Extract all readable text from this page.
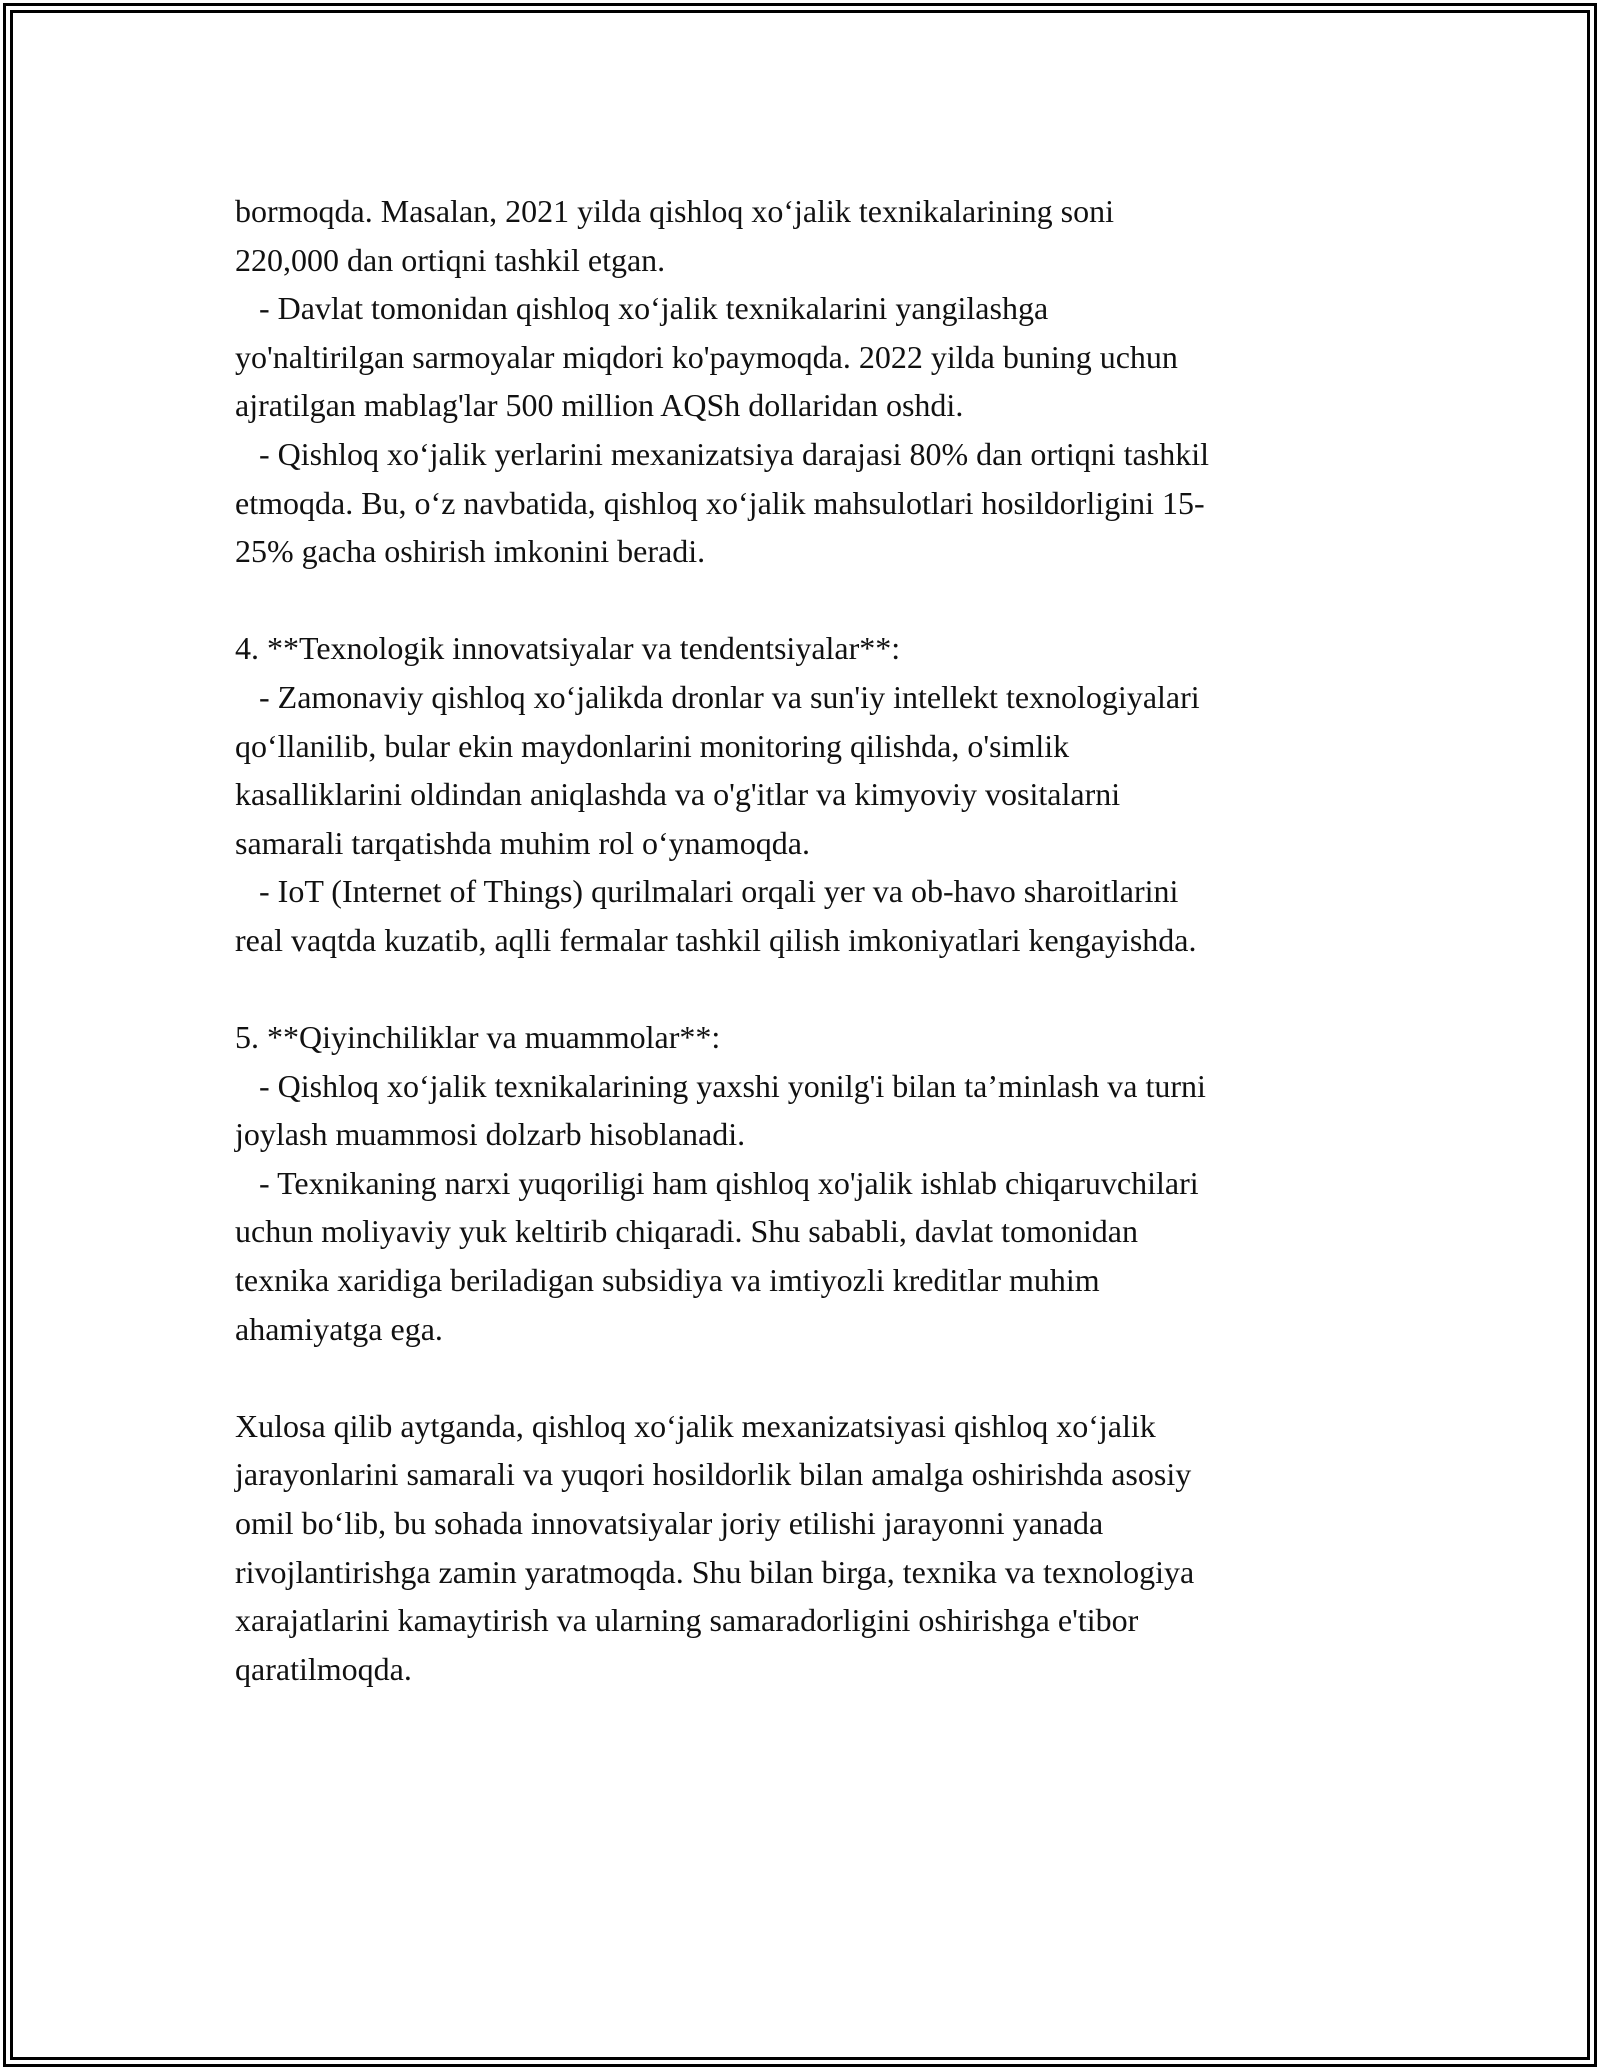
bormoqda. Masalan, 2021 yilda qishloq xo‘jalik texnikalarining soni
220,000 dan ortiqni tashkil etgan.

- Davlat tomonidan qishloq xo‘jalik texnikalarini yangilashga
yo'naltirilgan sarmoyalar miqdori ko'paymoqda. 2022 yilda buning uchun
ajratilgan mablag'lar 500 million AQSh dollaridan oshdi.

- Qishloq xo‘jalik yerlarini mexanizatsiya darajasi 80% dan ortiqni tashkil
etmoqda. Bu, o‘z navbatida, qishloq xo‘jalik mahsulotlari hosildorligini 15-
25% gacha oshirish imkonini beradi.

4. **Texnologik innovatsiyalar va tendentsiyalar**:

- Zamonaviy qishloq xo‘jalikda dronlar va sun'iy intellekt texnologiyalari
qo‘llanilib, bular ekin maydonlarini monitoring qilishda, o'simlik
kasalliklarini oldindan aniqlashda va o'g'itlar va kimyoviy vositalarni
samarali tarqatishda muhim rol o‘ynamoqda.

- IoT (Internet of Things) qurilmalari orqali yer va ob-havo sharoitlarini
real vaqtda kuzatib, aqlli fermalar tashkil qilish imkoniyatlari kengayishda.

5. **Qiyinchiliklar va muammolar**:

- Qishloq xo‘jalik texnikalarining yaxshi yonilg'i bilan ta’minlash va turni
joylash muammosi dolzarb hisoblanadi.

- Texnikaning narxi yuqoriligi ham qishloq xo'jalik ishlab chiqaruvchilari
uchun moliyaviy yuk keltirib chiqaradi. Shu sababli, davlat tomonidan
texnika xaridiga beriladigan subsidiya va imtiyozli kreditlar muhim
ahamiyatga ega.

Xulosa qilib aytganda, qishloq xo‘jalik mexanizatsiyasi qishloq xo‘jalik
jarayonlarini samarali va yuqori hosildorlik bilan amalga oshirishda asosiy
omil bo‘lib, bu sohada innovatsiyalar joriy etilishi jarayonni yanada
rivojlantirishga zamin yaratmoqda. Shu bilan birga, texnika va texnologiya
xarajatlarini kamaytirish va ularning samaradorligini oshirishga e'tibor
qaratilmoqda.
